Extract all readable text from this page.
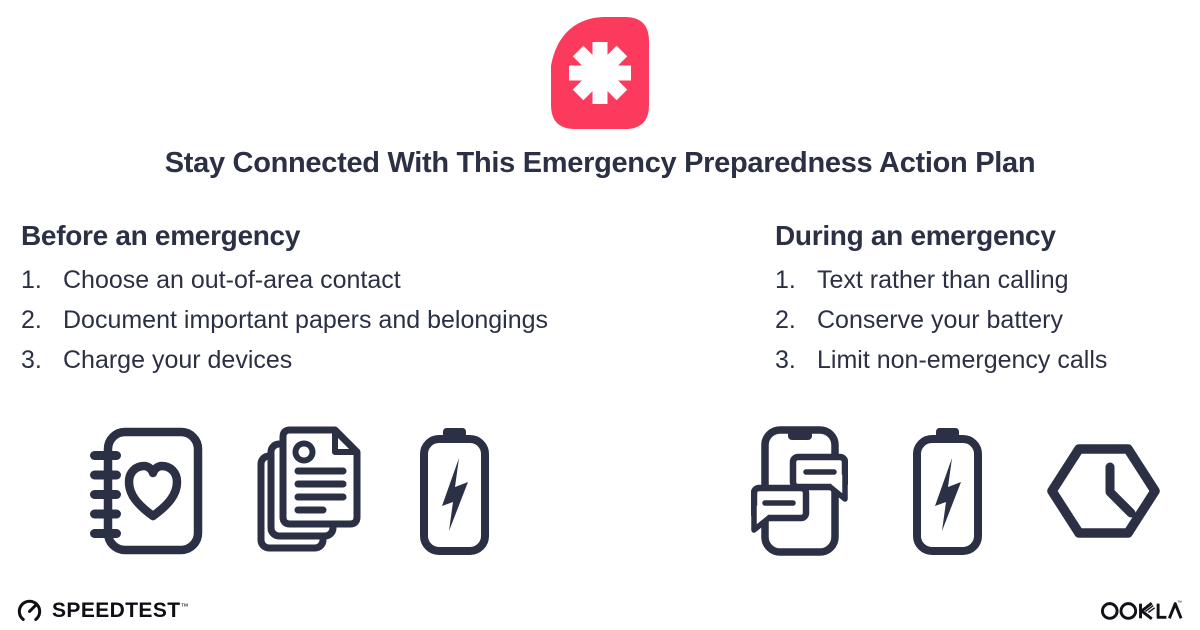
Stay Connected With This Emergency Preparedness Action Plan
Before an emergency
1. Choose an out-of-area contact
2. Document important papers and belongings
3. Charge your devices
During an emergency
1. Text rather than calling
2. Conserve your battery
3. Limit non-emergency calls
SPEEDTEST™	™
